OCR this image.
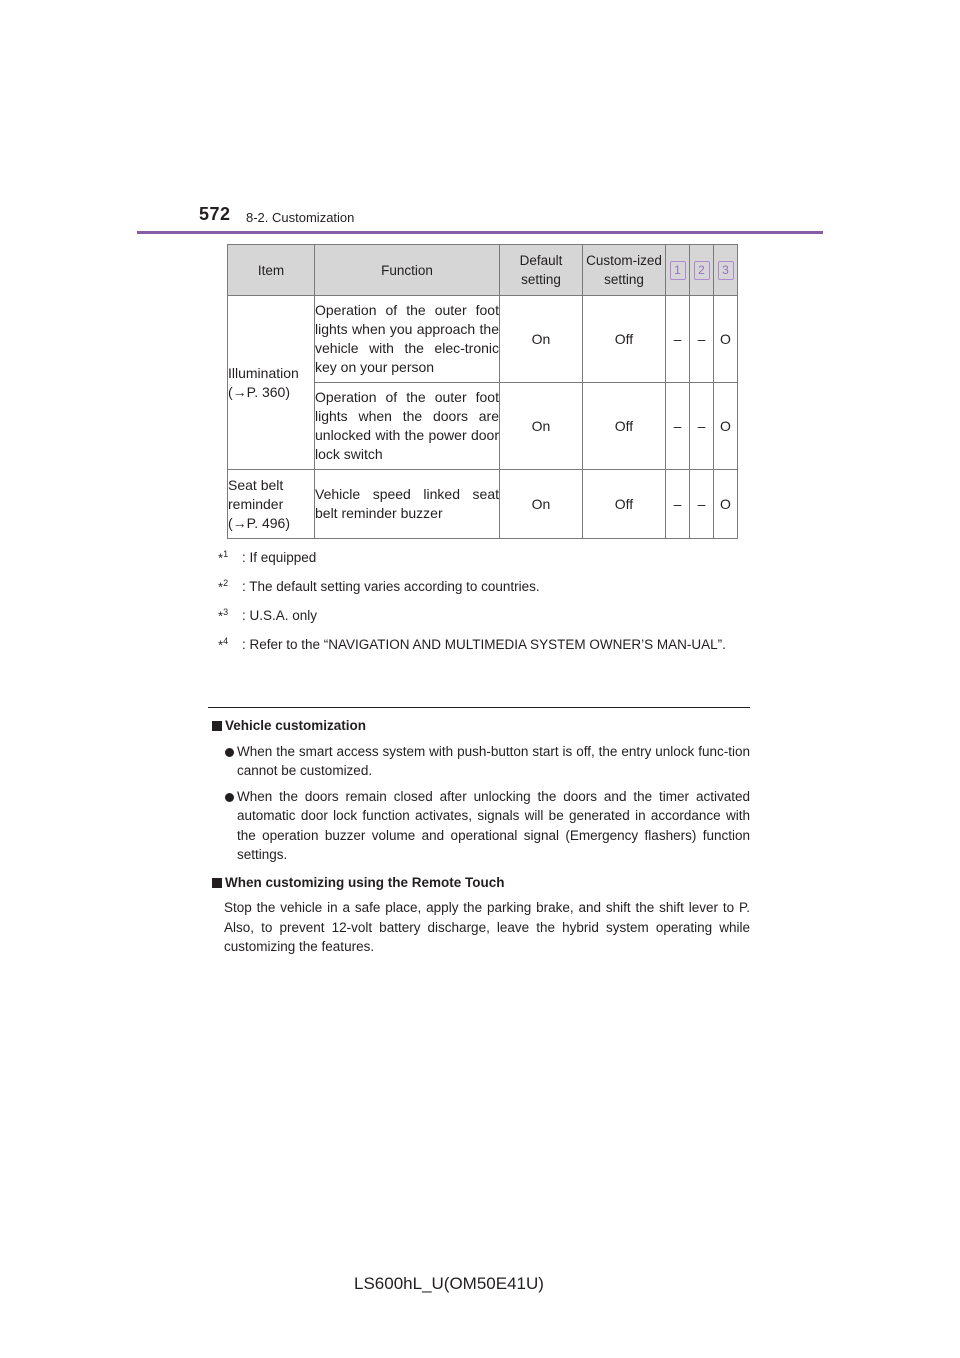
572 8-2. Customization
Item	Function	Default setting	Custom-ized setting	1	2	3
Illumination (→P. 360)	Operation of the outer foot lights when you approach the vehicle with the elec-tronic key on your person	On	Off	–	–	O
	Operation of the outer foot lights when the doors are unlocked with the power door lock switch	On	Off	–	–	O
Seat belt reminder (→P. 496)	Vehicle speed linked seat belt reminder buzzer	On	Off	–	–	O
*$^1$ : If equipped
*$^2$ : The default setting varies according to countries.
*$^3$ : U.S.A. only
*$^4$ : Refer to the “NAVIGATION AND MULTIMEDIA SYSTEM OWNER’S MAN-UAL”.
Vehicle customization
When the smart access system with push-button start is off, the entry unlock func-tion cannot be customized.
When the doors remain closed after unlocking the doors and the timer activated automatic door lock function activates, signals will be generated in accordance with the operation buzzer volume and operational signal (Emergency flashers) function settings.
When customizing using the Remote Touch
Stop the vehicle in a safe place, apply the parking brake, and shift the shift lever to P. Also, to prevent 12-volt battery discharge, leave the hybrid system operating while customizing the features.
LS600hL_U(OM50E41U)
